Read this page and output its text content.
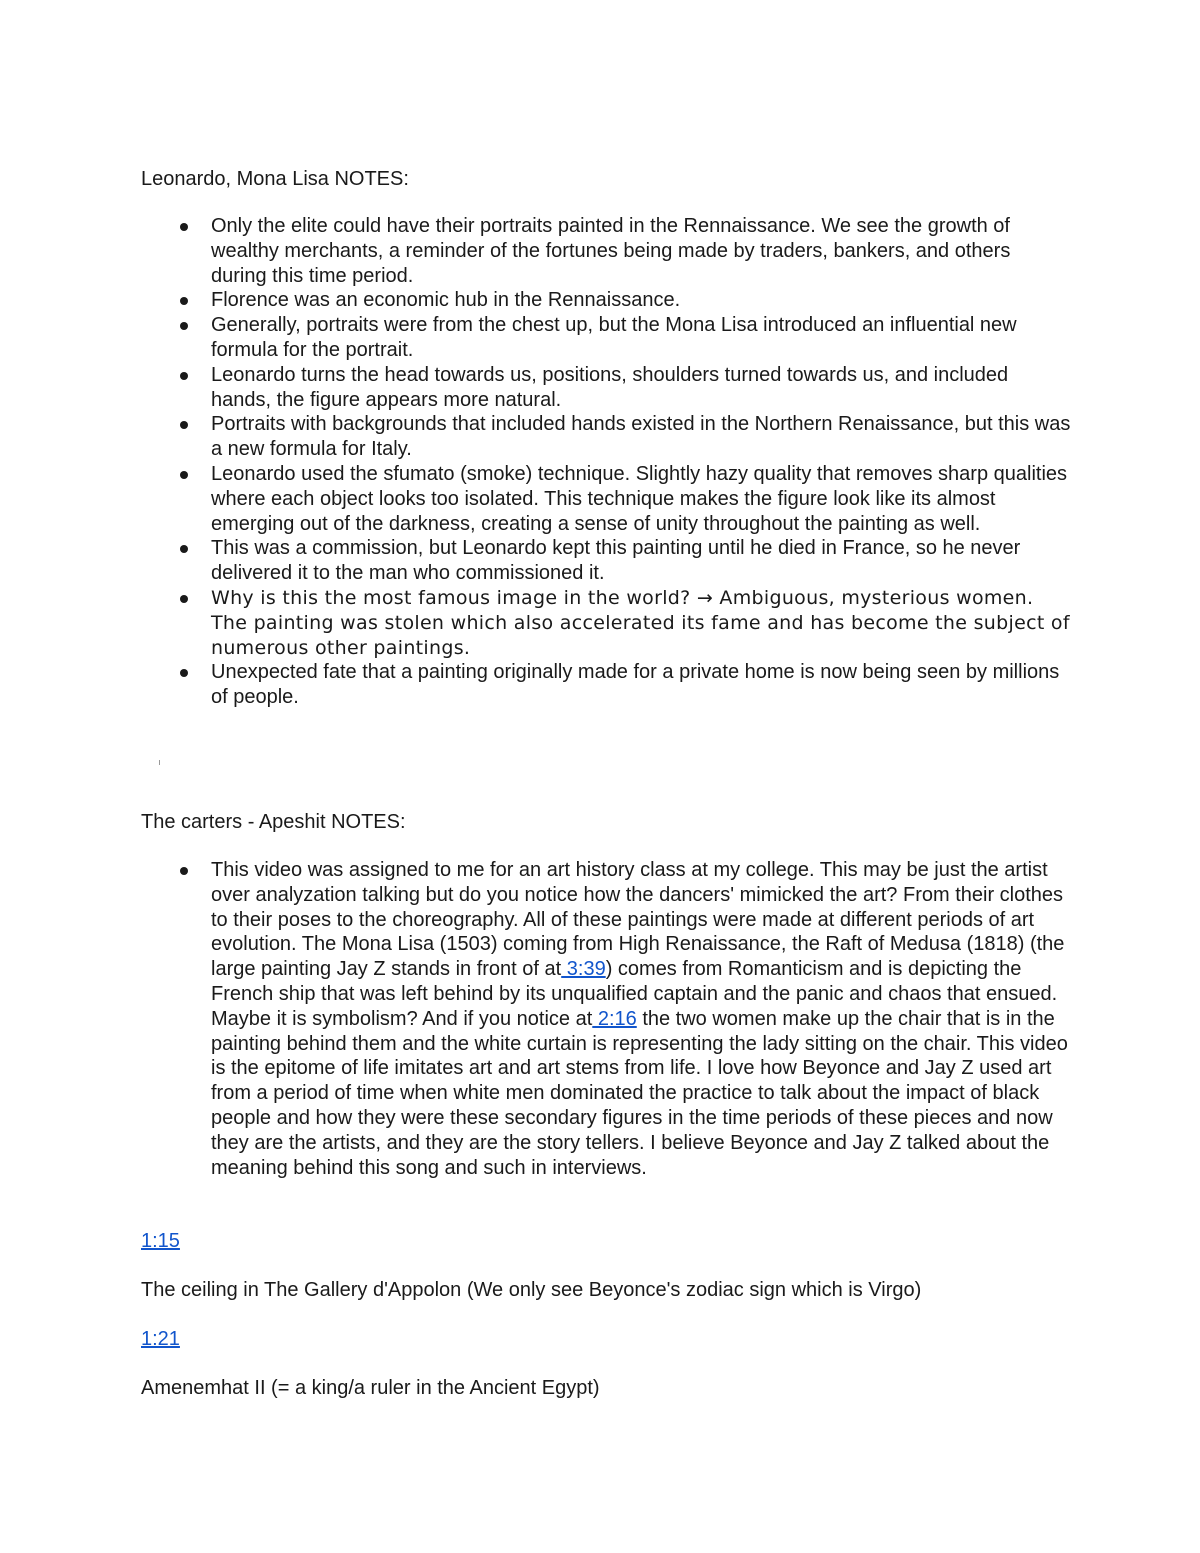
Leonardo, Mona Lisa NOTES:

Only the elite could have their portraits painted in the Rennaissance. We see the growth of wealthy merchants, a reminder of the fortunes being made by traders, bankers, and others during this time period.
Florence was an economic hub in the Rennaissance.
Generally, portraits were from the chest up, but the Mona Lisa introduced an influential new formula for the portrait.
Leonardo turns the head towards us, positions, shoulders turned towards us, and included hands, the figure appears more natural.
Portraits with backgrounds that included hands existed in the Northern Renaissance, but this was a new formula for Italy.
Leonardo used the sfumato (smoke) technique. Slightly hazy quality that removes sharp qualities where each object looks too isolated. This technique makes the figure look like its almost emerging out of the darkness, creating a sense of unity throughout the painting as well.
This was a commission, but Leonardo kept this painting until he died in France, so he never delivered it to the man who commissioned it.
Why is this the most famous image in the world? → Ambiguous, mysterious women. The painting was stolen which also accelerated its fame and has become the subject of numerous other paintings.
Unexpected fate that a painting originally made for a private home is now being seen by millions of people.

The carters - Apeshit NOTES:

This video was assigned to me for an art history class at my college. This may be just the artist over analyzation talking but do you notice how the dancers' mimicked the art? From their clothes to their poses to the choreography. All of these paintings were made at different periods of art evolution. The Mona Lisa (1503) coming from High Renaissance, the Raft of Medusa (1818) (the large painting Jay Z stands in front of at 3:39) comes from Romanticism and is depicting the French ship that was left behind by its unqualified captain and the panic and chaos that ensued. Maybe it is symbolism? And if you notice at 2:16 the two women make up the chair that is in the painting behind them and the white curtain is representing the lady sitting on the chair. This video is the epitome of life imitates art and art stems from life. I love how Beyonce and Jay Z used art from a period of time when white men dominated the practice to talk about the impact of black people and how they were these secondary figures in the time periods of these pieces and now they are the artists, and they are the story tellers. I believe Beyonce and Jay Z talked about the meaning behind this song and such in interviews.

1:15

The ceiling in The Gallery d'Appolon (We only see Beyonce's zodiac sign which is Virgo)

1:21

Amenemhat II (= a king/a ruler in the Ancient Egypt)
